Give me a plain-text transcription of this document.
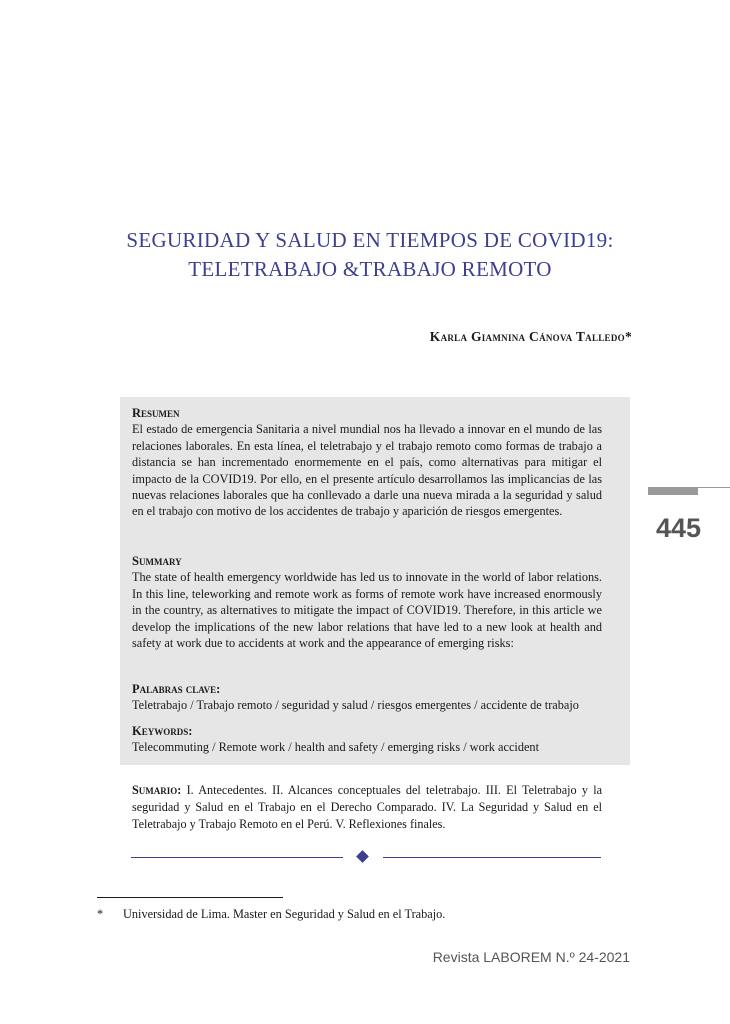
SEGURIDAD Y SALUD EN TIEMPOS DE COVID19:
TELETRABAJO &TRABAJO REMOTO
Karla Giamnina Cánova Talledo*
Resumen
El estado de emergencia Sanitaria a nivel mundial nos ha llevado a innovar en el mundo de las relaciones laborales. En esta línea, el teletrabajo y el trabajo remoto como formas de trabajo a distancia se han incrementado enormemente en el país, como alternativas para mitigar el impacto de la COVID19. Por ello, en el presente artículo desarrollamos las implicancias de las nuevas relaciones laborales que ha conllevado a darle una nueva mirada a la seguridad y salud en el trabajo con motivo de los accidentes de trabajo y aparición de riesgos emergentes.
Summary
The state of health emergency worldwide has led us to innovate in the world of labor relations. In this line, teleworking and remote work as forms of remote work have increased enormously in the country, as alternatives to mitigate the impact of COVID19. Therefore, in this article we develop the implications of the new labor relations that have led to a new look at health and safety at work due to accidents at work and the appearance of emerging risks:
Palabras clave:
Teletrabajo / Trabajo remoto / seguridad y salud / riesgos emergentes / accidente de trabajo
Keywords:
Telecommuting / Remote work / health and safety / emerging risks / work accident
445
Sumario: I. Antecedentes. II. Alcances conceptuales del teletrabajo. III. El Teletrabajo y la seguridad y Salud en el Trabajo en el Derecho Comparado. IV. La Seguridad y Salud en el Teletrabajo y Trabajo Remoto en el Perú. V. Reflexiones finales.
* Universidad de Lima. Master en Seguridad y Salud en el Trabajo.
Revista LABOREM N.º 24-2021
